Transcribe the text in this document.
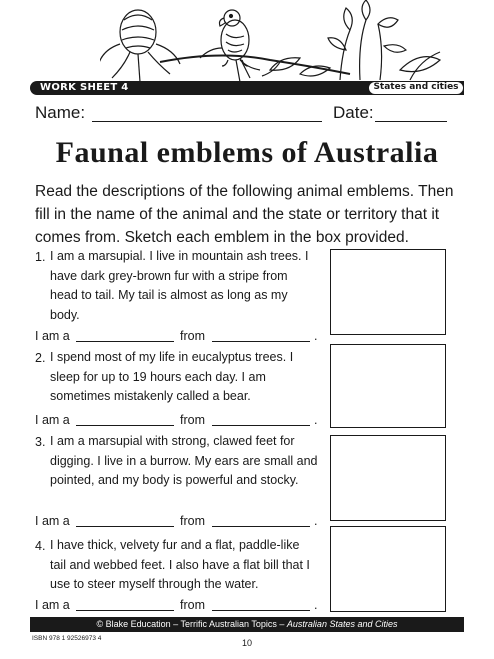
WORK SHEET 4	States and cities
Name:	Date:
Faunal emblems of Australia
Read the descriptions of the following animal emblems. Then fill in the name of the animal and the state or territory that it comes from. Sketch each emblem in the box provided.
1. I am a marsupial. I live in mountain ash trees. I have dark grey-brown fur with a stripe from head to tail. My tail is almost as long as my body.
I am a	from	.
2. I spend most of my life in eucalyptus trees. I sleep for up to 19 hours each day. I am sometimes mistakenly called a bear.
I am a	from	.
3. I am a marsupial with strong, clawed feet for digging. I live in a burrow. My ears are small and pointed, and my body is powerful and stocky.
I am a	from	.
4. I have thick, velvety fur and a flat, paddle-like tail and webbed feet. I also have a flat bill that I use to steer myself through the water.
I am a	from	.
© Blake Education – Terrific Australian Topics – Australian States and Cities
ISBN 978 1 92526973 4	10
